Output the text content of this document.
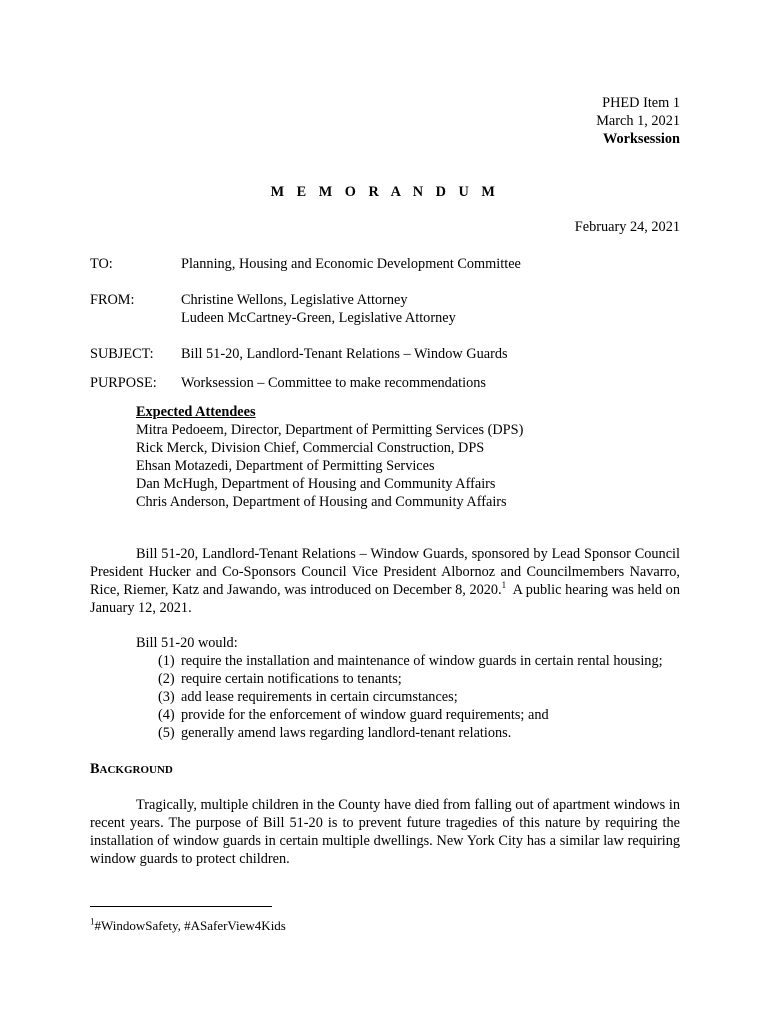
PHED Item 1
March 1, 2021
Worksession
M E M O R A N D U M
February 24, 2021
TO:	Planning, Housing and Economic Development Committee
FROM:	Christine Wellons, Legislative Attorney
Ludeen McCartney-Green, Legislative Attorney
SUBJECT: Bill 51-20, Landlord-Tenant Relations – Window Guards
PURPOSE: Worksession – Committee to make recommendations
Expected Attendees
Mitra Pedoeem, Director, Department of Permitting Services (DPS)
Rick Merck, Division Chief, Commercial Construction, DPS
Ehsan Motazedi, Department of Permitting Services
Dan McHugh, Department of Housing and Community Affairs
Chris Anderson, Department of Housing and Community Affairs

Bill 51-20, Landlord-Tenant Relations – Window Guards, sponsored by Lead Sponsor Council President Hucker and Co-Sponsors Council Vice President Albornoz and Councilmembers Navarro, Rice, Riemer, Katz and Jawando, was introduced on December 8, 2020.$^1$  A public hearing was held on January 12, 2021.

Bill 51-20 would:
(1) require the installation and maintenance of window guards in certain rental housing;
(2) require certain notifications to tenants;
(3) add lease requirements in certain circumstances;
(4) provide for the enforcement of window guard requirements; and
(5) generally amend laws regarding landlord-tenant relations.
BACKGROUND

Tragically, multiple children in the County have died from falling out of apartment windows in recent years. The purpose of Bill 51-20 is to prevent future tragedies of this nature by requiring the installation of window guards in certain multiple dwellings. New York City has a similar law requiring window guards to protect children.

$^1$#WindowSafety, #ASaferView4Kids
